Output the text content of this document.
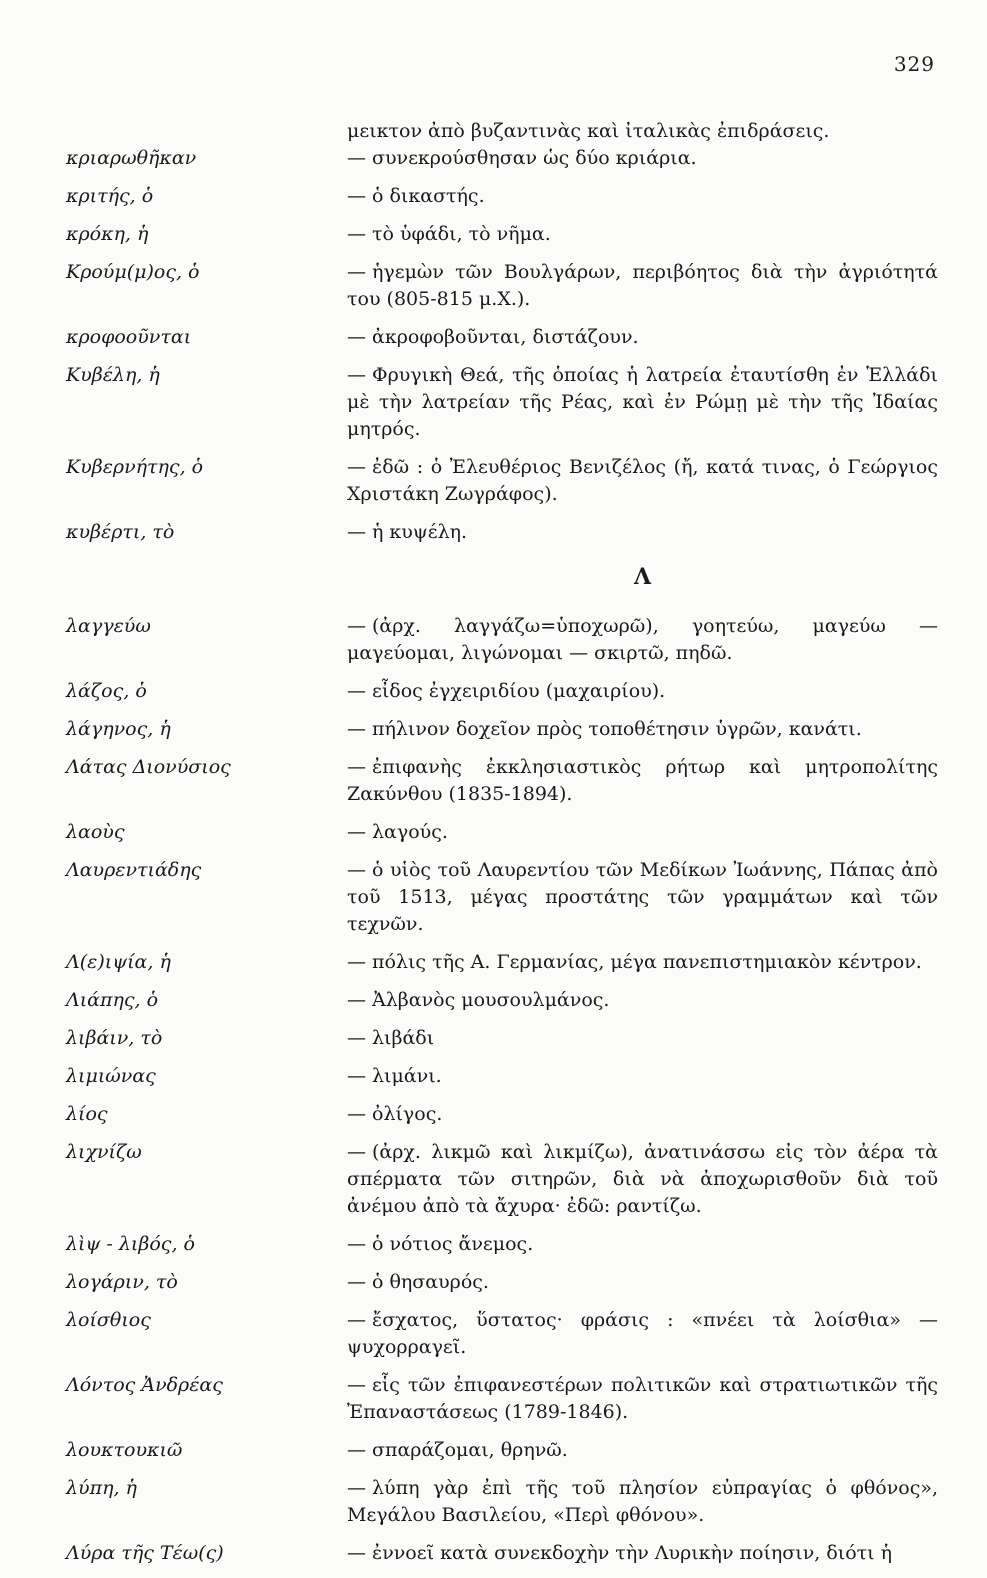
329
μεικτον ἀπὸ βυζαντινὰς καὶ ἰταλικὰς ἐπιδράσεις.
κριαρωθῆκαν	— συνεκρούσθησαν ὡς δύο κριάρια.
κριτής, ὁ	— ὁ δικαστής.
κρόκη, ἡ	— τὸ ὑφάδι, τὸ νῆμα.
Κρούμ(μ)ος, ὁ	— ἡγεμὼν τῶν Βουλγάρων, περιβόητος διὰ τὴν ἀγριότητά του (805-815 μ.Χ.).
κροφοοῦνται	— ἀκροφοβοῦνται, διστάζουν.
Κυβέλη, ἡ	— Φρυγικὴ Θεά, τῆς ὁποίας ἡ λατρεία ἐταυτίσθη ἐν Ἑλλάδι μὲ τὴν λατρείαν τῆς Ρέας, καὶ ἐν Ρώμῃ μὲ τὴν τῆς Ἰδαίας μητρός.
Κυβερνήτης, ὁ	— ἐδῶ : ὁ Ἐλευθέριος Βενιζέλος (ἤ, κατά τινας, ὁ Γεώργιος Χριστάκη Ζωγράφος).
κυβέρτι, τὸ	— ἡ κυψέλη.
Λ
λαγγεύω	— (ἀρχ. λαγγάζω=ὑποχωρῶ), γοητεύω, μαγεύω — μαγεύομαι, λιγώνομαι — σκιρτῶ, πηδῶ.
λάζος, ὁ	— εἶδος ἐγχειριδίου (μαχαιρίου).
λάγηνος, ἡ	— πήλινον δοχεῖον πρὸς τοποθέτησιν ὑγρῶν, κανάτι.
Λάτας Διονύσιος	— ἐπιφανὴς ἐκκλησιαστικὸς ρήτωρ καὶ μητροπολίτης Ζακύνθου (1835-1894).
λαοὺς	— λαγούς.
Λαυρεντιάδης	— ὁ υἱὸς τοῦ Λαυρεντίου τῶν Μεδίκων Ἰωάννης, Πάπας ἀπὸ τοῦ 1513, μέγας προστάτης τῶν γραμμάτων καὶ τῶν τεχνῶν.
Λ(ε)ιψία, ἡ	— πόλις τῆς Α. Γερμανίας, μέγα πανεπιστημιακὸν κέντρον.
Λιάπης, ὁ	— Ἀλβανὸς μουσουλμάνος.
λιβάιν, τὸ	— λιβάδι
λιμιώνας	— λιμάνι.
λίος	— ὀλίγος.
λιχνίζω	— (ἀρχ. λικμῶ καὶ λικμίζω), ἀνατινάσσω εἰς τὸν ἀέρα τὰ σπέρματα τῶν σιτηρῶν, διὰ νὰ ἀποχωρισθοῦν διὰ τοῦ ἀνέμου ἀπὸ τὰ ἄχυρα· ἐδῶ: ραντίζω.
λὶψ - λιβός, ὁ	— ὁ νότιος ἄνεμος.
λογάριν, τὸ	— ὁ θησαυρός.
λοίσθιος	— ἔσχατος, ὕστατος· φράσις : «πνέει τὰ λοίσθια» —ψυχορραγεῖ.
Λόντος Ἀνδρέας	— εἷς τῶν ἐπιφανεστέρων πολιτικῶν καὶ στρατιωτικῶν τῆς Ἐπαναστάσεως (1789-1846).
λουκτουκιῶ	— σπαράζομαι, θρηνῶ.
λύπη, ἡ	— λύπη γὰρ ἐπὶ τῆς τοῦ πλησίον εὐπραγίας ὁ φθόνος», Μεγάλου Βασιλείου, «Περὶ φθόνου».
Λύρα τῆς Τέω(ς)	— ἐννοεῖ κατὰ συνεκδοχὴν τὴν Λυρικὴν ποίησιν, διότι ἡ
